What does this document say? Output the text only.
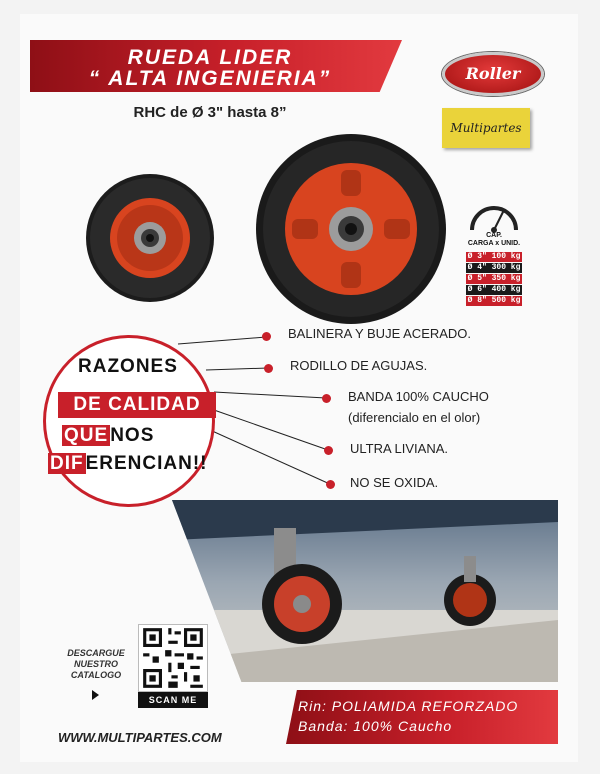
RUEDA LIDER
“ ALTA INGENIERIA”
RHC de Ø 3" hasta 8”
Roller
Multipartes
CAP.
CARGA x UNID.
Ø 3" 100 kg
Ø 4" 300 kg
Ø 5" 350 kg
Ø 6" 400 kg
Ø 8" 500 kg
RAZONES
DE CALIDAD
QUE NOS
DIF ERENCIAN!!
BALINERA Y BUJE ACERADO.
RODILLO DE AGUJAS.
BANDA 100% CAUCHO
(diferencialo en el olor)
ULTRA LIVIANA.
NO SE OXIDA.
DESCARGUE
NUESTRO
CATALOGO
SCAN ME
WWW.MULTIPARTES.COM
Rin: POLIAMIDA REFORZADO
Banda: 100% Caucho
